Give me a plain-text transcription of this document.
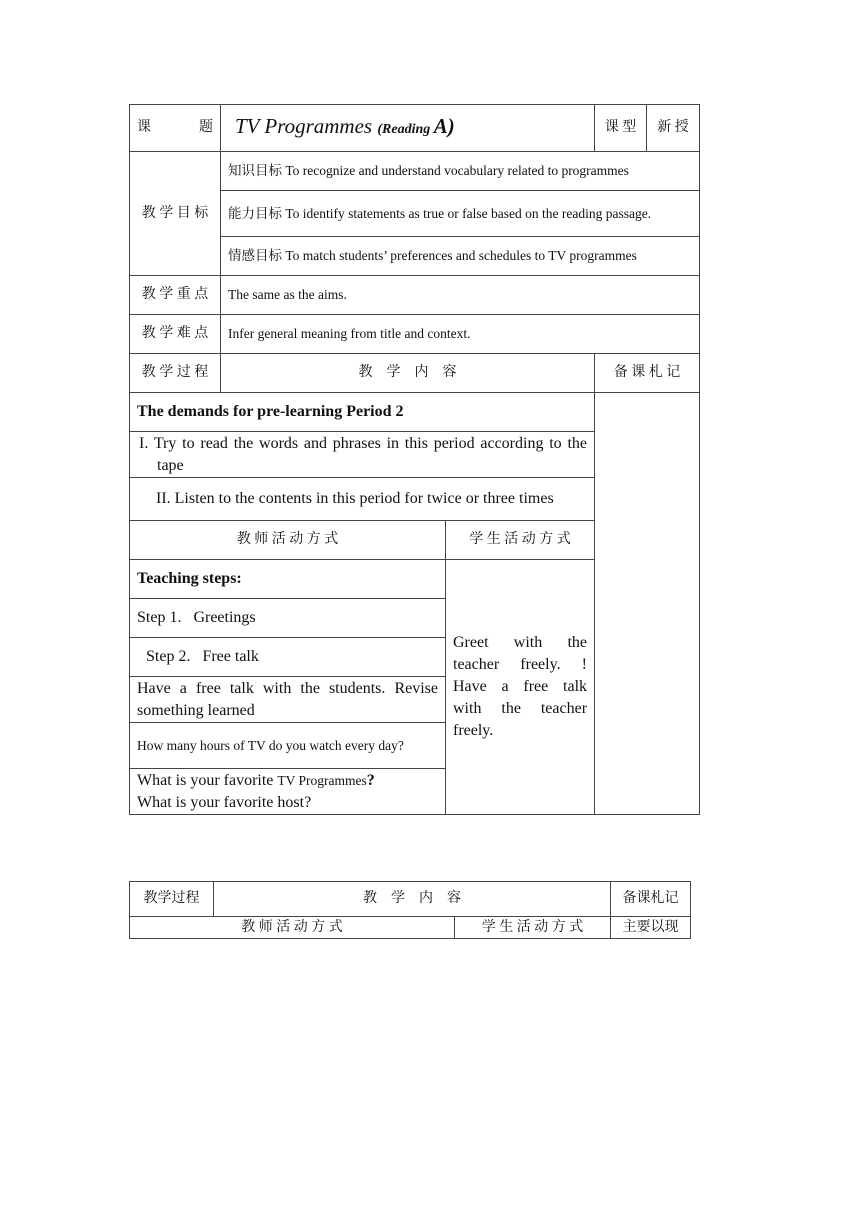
课 题	TV Programmes (Reading A)		课 型	新 授
教 学 目 标	知识目标 To recognize and understand vocabulary related to programmes			
	能力目标 To identify statements as true or false based on the reading passage.			
	情感目标 To match students’ preferences and schedules to TV programmes			
教 学 重 点	The same as the aims.			
教 学 难 点	Infer general meaning from title and context.			
教 学 过 程	教　学　内　容		备 课 札 记	
The demands for pre-learning Period 2				
I. Try to read the words and phrases in this period according to the tape				
II. Listen to the contents in this period for twice or three times				
教 师 活 动 方 式		学 生 活 动 方 式		
Teaching steps:		Greet with the teacher freely. ! Have a free talk with the teacher freely.		
Step 1.   Greetings				
Step 2.   Free talk				
Have a free talk with the students. Revise something learned				
How many hours of TV do you watch every day?				
What is your favorite TV Programmes?
What is your favorite host?				
教学过程	教　学　内　容		备课札记
教 师 活 动 方 式		学 生 活 动 方 式	主要以现
